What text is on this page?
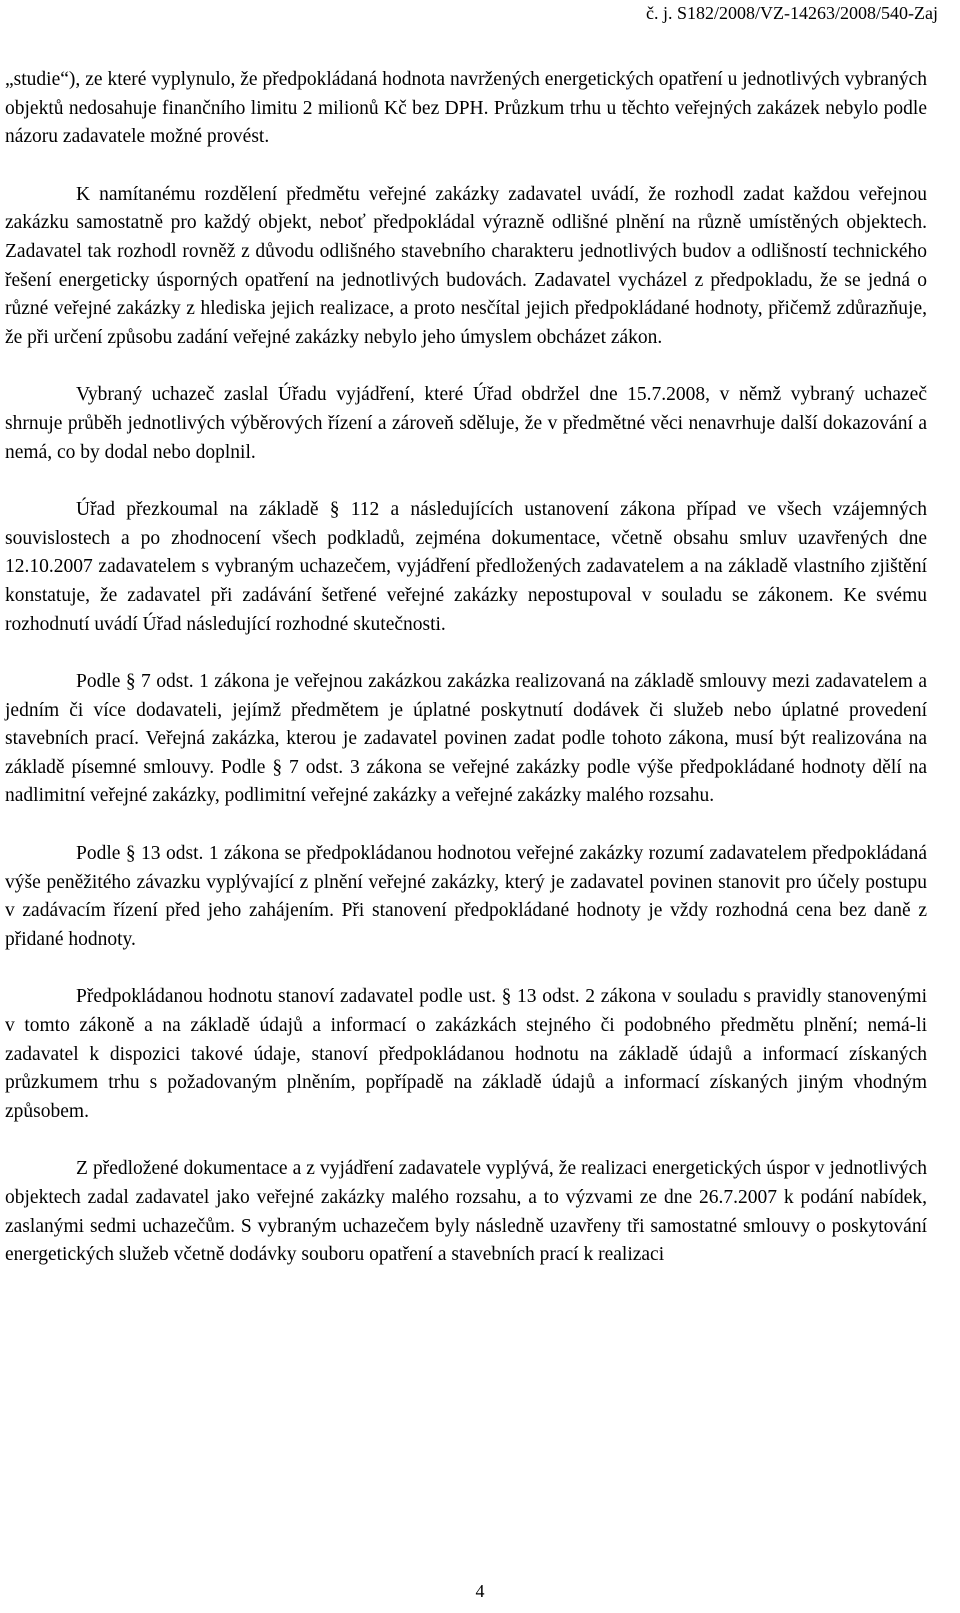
č. j. S182/2008/VZ-14263/2008/540-Zaj

„studie“), ze které vyplynulo, že předpokládaná hodnota navržených energetických opatření u jednotlivých vybraných objektů nedosahuje finančního limitu 2 milionů Kč bez DPH. Průzkum trhu u těchto veřejných zakázek nebylo podle názoru zadavatele možné provést.

K namítanému rozdělení předmětu veřejné zakázky zadavatel uvádí, že rozhodl zadat každou veřejnou zakázku samostatně pro každý objekt, neboť předpokládal výrazně odlišné plnění na různě umístěných objektech. Zadavatel tak rozhodl rovněž z důvodu odlišného stavebního charakteru jednotlivých budov a odlišností technického řešení energeticky úsporných opatření na jednotlivých budovách. Zadavatel vycházel z předpokladu, že se jedná o různé veřejné zakázky z hlediska jejich realizace, a proto nesčítal jejich předpokládané hodnoty, přičemž zdůrazňuje, že při určení způsobu zadání veřejné zakázky nebylo jeho úmyslem obcházet zákon.

Vybraný uchazeč zaslal Úřadu vyjádření, které Úřad obdržel dne 15.7.2008, v němž vybraný uchazeč shrnuje průběh jednotlivých výběrových řízení a zároveň sděluje, že v předmětné věci nenavrhuje další dokazování a nemá, co by dodal nebo doplnil.

Úřad přezkoumal na základě § 112 a následujících ustanovení zákona případ ve všech vzájemných souvislostech a po zhodnocení všech podkladů, zejména dokumentace, včetně obsahu smluv uzavřených dne 12.10.2007 zadavatelem s vybraným uchazečem, vyjádření předložených zadavatelem a na základě vlastního zjištění konstatuje, že zadavatel při zadávání šetřené veřejné zakázky nepostupoval v souladu se zákonem. Ke svému rozhodnutí uvádí Úřad následující rozhodné skutečnosti.

Podle § 7 odst. 1 zákona je veřejnou zakázkou zakázka realizovaná na základě smlouvy mezi zadavatelem a jedním či více dodavateli, jejímž předmětem je úplatné poskytnutí dodávek či služeb nebo úplatné provedení stavebních prací. Veřejná zakázka, kterou je zadavatel povinen zadat podle tohoto zákona, musí být realizována na základě písemné smlouvy. Podle § 7 odst. 3 zákona se veřejné zakázky podle výše předpokládané hodnoty dělí na nadlimitní veřejné zakázky, podlimitní veřejné zakázky a veřejné zakázky malého rozsahu.

Podle § 13 odst. 1 zákona se předpokládanou hodnotou veřejné zakázky rozumí zadavatelem předpokládaná výše peněžitého závazku vyplývající z plnění veřejné zakázky, který je zadavatel povinen stanovit pro účely postupu v zadávacím řízení před jeho zahájením. Při stanovení předpokládané hodnoty je vždy rozhodná cena bez daně z přidané hodnoty.

Předpokládanou hodnotu stanoví zadavatel podle ust. § 13 odst. 2 zákona v souladu s pravidly stanovenými v tomto zákoně a na základě údajů a informací o zakázkách stejného či podobného předmětu plnění; nemá-li zadavatel k dispozici takové údaje, stanoví předpokládanou hodnotu na základě údajů a informací získaných průzkumem trhu s požadovaným plněním, popřípadě na základě údajů a informací získaných jiným vhodným způsobem.

Z předložené dokumentace a z vyjádření zadavatele vyplývá, že realizaci energetických úspor v jednotlivých objektech zadal zadavatel jako veřejné zakázky malého rozsahu, a to výzvami ze dne 26.7.2007 k podání nabídek, zaslanými sedmi uchazečům. S vybraným uchazečem byly následně uzavřeny tři samostatné smlouvy o poskytování energetických služeb včetně dodávky souboru opatření a stavebních prací k realizaci

4
